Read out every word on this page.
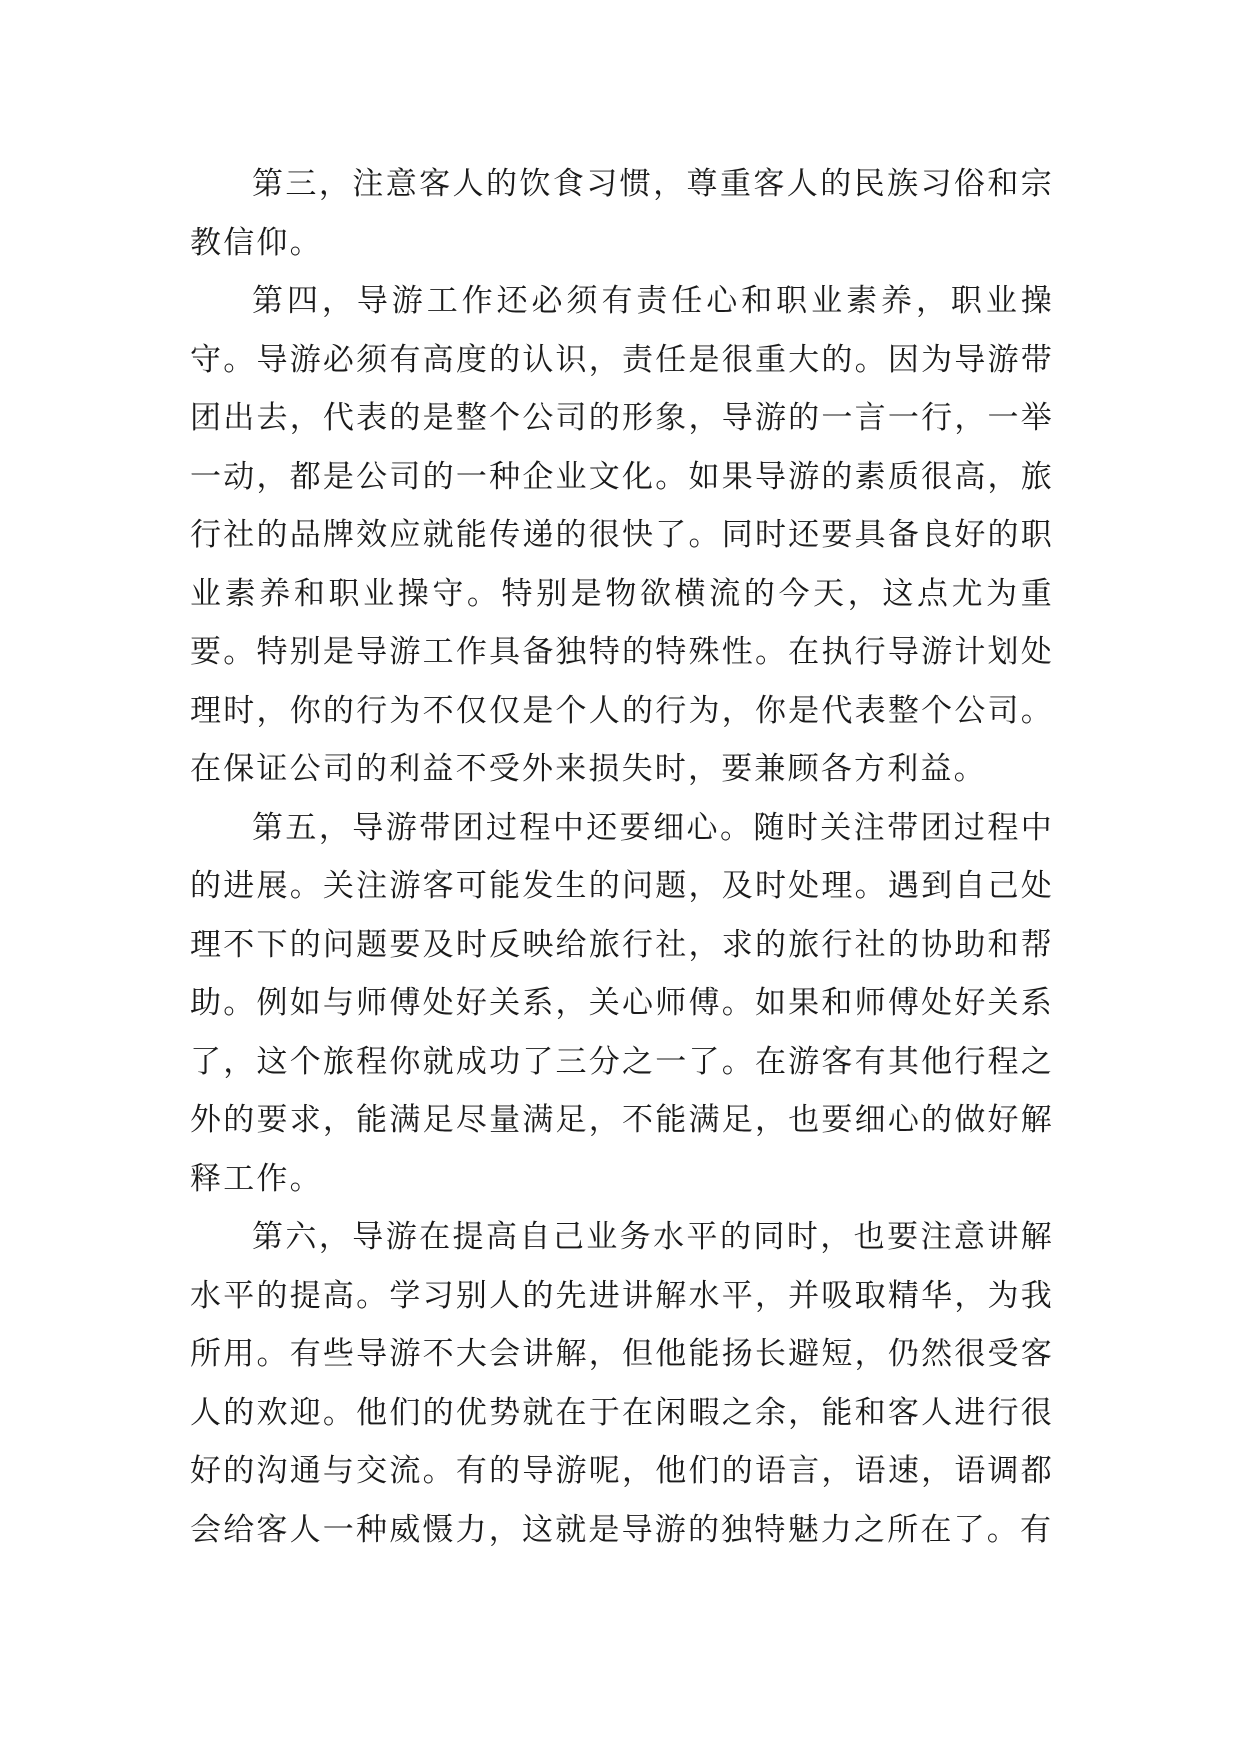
第三，注意客人的饮食习惯，尊重客人的民族习俗和宗教信仰。

第四，导游工作还必须有责任心和职业素养，职业操守。导游必须有高度的认识，责任是很重大的。因为导游带团出去，代表的是整个公司的形象，导游的一言一行，一举一动，都是公司的一种企业文化。如果导游的素质很高，旅行社的品牌效应就能传递的很快了。同时还要具备良好的职业素养和职业操守。特别是物欲横流的今天，这点尤为重要。特别是导游工作具备独特的特殊性。在执行导游计划处理时，你的行为不仅仅是个人的行为，你是代表整个公司。在保证公司的利益不受外来损失时，要兼顾各方利益。

第五，导游带团过程中还要细心。随时关注带团过程中的进展。关注游客可能发生的问题，及时处理。遇到自己处理不下的问题要及时反映给旅行社，求的旅行社的协助和帮助。例如与师傅处好关系，关心师傅。如果和师傅处好关系了，这个旅程你就成功了三分之一了。在游客有其他行程之外的要求，能满足尽量满足，不能满足，也要细心的做好解释工作。

第六，导游在提高自己业务水平的同时，也要注意讲解水平的提高。学习别人的先进讲解水平，并吸取精华，为我所用。有些导游不大会讲解，但他能扬长避短，仍然很受客人的欢迎。他们的优势就在于在闲暇之余，能和客人进行很好的沟通与交流。有的导游呢，他们的语言，语速，语调都会给客人一种威慑力，这就是导游的独特魅力之所在了。有
